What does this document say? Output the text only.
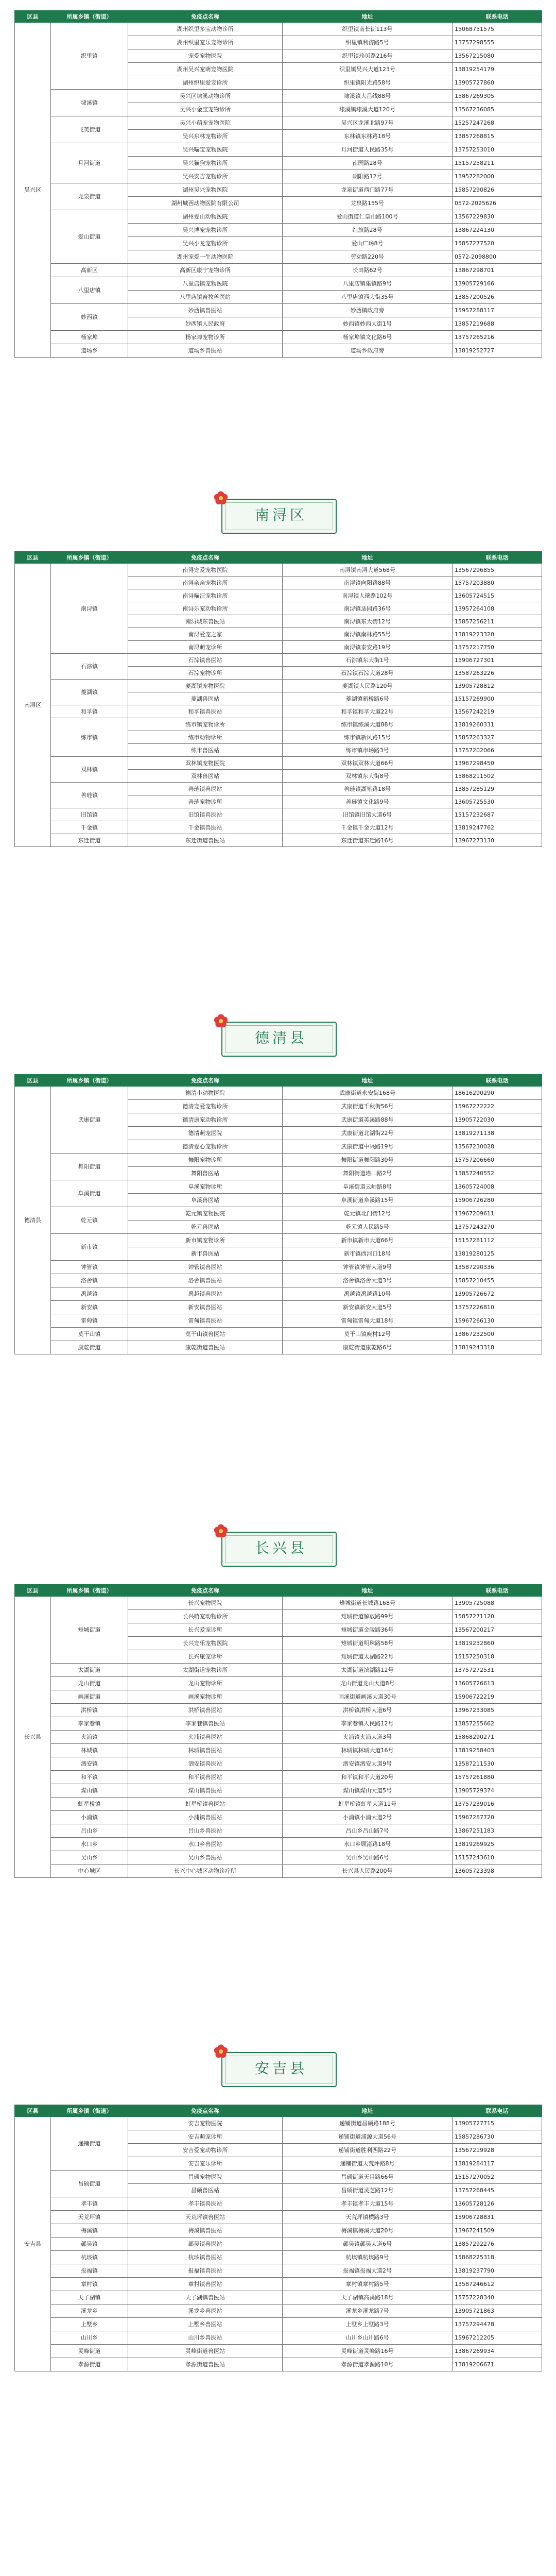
区县	所属乡镇（街道）	免疫点名称	地址	联系电话
吴兴区	织里镇	湖州织里多宝动物诊所	织里镇南长街113号	15068751575
		湖州织里宠乐宠物诊所	织里镇利济路5号	13757298555
		宠爱宠物医院	织里镇珍贝路216号	13567215080
		湖州吴兴宠萌宠物医院	织里镇吴兴大道123号	13819254179
		湖州织里爱宠诊所	织里镇阳光路58号	13905727860
	埭溪镇	吴兴区埭溪动物诊所	埭溪镇大吕线88号	15867269305
		吴兴小金宝宠物诊所	埭溪镇埭溪大道120号	13567236085
	飞英街道	吴兴小萌宠宠物医院	吴兴区龙溪北路97号	15257247268
		吴兴东林宠物诊所	东林镇东林路18号	13857268815
	月河街道	吴兴喵宝宠物医院	月河街道人民路35号	13757253010
		吴兴猫狗宠物诊所	南园路28号	15157258211
		吴兴安吉宠物诊所	朝阳路12号	13957282000
	龙泉街道	湖州吴兴宠物医院	龙泉街道西门路77号	15857290826
		湖州城西动物医院有限公司	龙泉路155号	0572-2025626
	爱山街道	湖州爱山动物医院	爱山街道仁皇山路100号	13567229830
		吴兴博宠宠物诊所	红旗路28号	13867224130
		吴兴小龙宠物诊所	爱山广场8号	15857277520
		湖州宠爱一生动物医院	劳动路220号	0572-2098800
	高新区	高新区康宁宠物诊所	长田路62号	13867298701
	八里店镇	八里店镇宠物医院	八里店镇集镇路9号	13905729166
		八里店镇畜牧兽医站	八里店镇西大街35号	13857200526
	妙西镇	妙西镇兽医站	妙西镇政府旁	15957288117
		妙西镇人民政府	妙西镇妙西大街1号	13857219688
	杨家埠	杨家埠宠物诊所	杨家埠镇文化路6号	13757265216
	道场乡	道场乡兽医站	道场乡政府旁	13819252727
区县	所属乡镇（街道）	免疫点名称	地址	联系电话
南浔区	南浔镇	南浔宠爱宠物医院	南浔镇南浔大道568号	13567296855
		南浔亲亲宠物诊所	南浔镇向阳路88号	15757203880
		南浔喵汪宠物诊所	南浔镇人瑞路102号	13605724515
		南浔乐宠动物诊所	南浔镇适园路36号	13957264108
		南浔城东兽医站	南浔镇东大街12号	15857256211
		南浔爱宠之家	南浔镇南林路55号	13819223320
		南浔萌宠诊所	南浔镇泰安路19号	13757217750
	石淙镇	石淙镇兽医站	石淙镇东大街1号	15906727301
		石淙宠物诊所	石淙镇石淙大道28号	13587263226
	菱湖镇	菱湖镇宠物医院	菱湖镇人民路120号	13905728812
		菱湖兽医站	菱湖镇新桥路6号	15157269900
	和孚镇	和孚镇兽医站	和孚镇和孚大道22号	13567242219
	练市镇	练市镇宠物诊所	练市镇练溪大道88号	13819260331
		练市动物诊所	练市镇新风路15号	15857263327
		练市兽医站	练市镇市场路3号	13757202066
	双林镇	双林镇宠物医院	双林镇双林大道66号	13967298450
		双林兽医站	双林镇东大街8号	15868211502
	善琏镇	善琏镇兽医站	善琏镇湖笔路18号	13857285129
		善琏宠物诊所	善琏镇文化路9号	13605725530
	旧馆镇	旧馆镇兽医站	旧馆镇旧馆大道6号	15157232687
	千金镇	千金镇兽医站	千金镇千金大道12号	13819247762
	东迁街道	东迁街道兽医站	东迁街道东迁路16号	13967273130
区县	所属乡镇（街道）	免疫点名称	地址	联系电话
德清县	武康街道	德清小动物医院	武康街道永安街168号	18616290290
		德清宠爱宠物诊所	武康街道千秋街56号	15967272222
		德清康宠动物诊所	武康街道英溪路88号	13905722030
		德清萌宠医院	武康街道北湖街22号	13819271138
		德清爱心宠物诊所	武康街道中兴路19号	13567230028
	舞阳街道	舞阳宠物诊所	舞阳街道舞阳路30号	15757206660
		舞阳兽医站	舞阳街道塔山路2号	13857240552
	阜溪街道	阜溪宠物诊所	阜溪街道云岫路8号	13605724008
		阜溪兽医站	阜溪街道阜溪路15号	15906726280
	乾元镇	乾元镇宠物医院	乾元镇北门街12号	13967209611
		乾元兽医站	乾元镇人民路5号	13757243270
	新市镇	新市镇宠物诊所	新市镇新市大道66号	15157281112
		新市兽医站	新市镇西河口18号	13819280125
	钟管镇	钟管镇兽医站	钟管镇钟管大道9号	13587290336
	洛舍镇	洛舍镇兽医站	洛舍镇洛舍大道3号	15857210455
	禹越镇	禹越镇兽医站	禹越镇禹越路10号	13905726672
	新安镇	新安镇兽医站	新安镇新安大道5号	13757226810
	雷甸镇	雷甸镇兽医站	雷甸镇雷甸大道18号	15967266130
	莫干山镇	莫干山镇兽医站	莫干山镇庾村12号	13867232500
	康乾街道	康乾街道兽医站	康乾街道康乾路6号	13819243318
区县	所属乡镇（街道）	免疫点名称	地址	联系电话
长兴县	雉城街道	长兴宠物医院	雉城街道长城路168号	13905725088
		长兴萌宠动物诊所	雉城街道解放路99号	15857271120
		长兴爱宠诊所	雉城街道金陵路36号	13567200217
		长兴宠乐宠物医院	雉城街道明珠路58号	13819232860
		长兴康宠诊所	雉城街道太湖路22号	15157250318
	太湖街道	太湖街道宠物诊所	太湖街道滨湖路12号	13757272531
	龙山街道	龙山宠物诊所	龙山街道龙山大道8号	13605726613
	画溪街道	画溪宠物诊所	画溪街道画溪大道30号	15906722219
	洪桥镇	洪桥镇兽医站	洪桥镇洪桥大道6号	13967233085
	李家巷镇	李家巷镇兽医站	李家巷镇人民路12号	13857255662
	夹浦镇	夹浦镇兽医站	夹浦镇夹浦大道3号	15868290271
	林城镇	林城镇兽医站	林城镇林城大道16号	13819258403
	泗安镇	泗安镇兽医站	泗安镇泗安大道9号	13587211530
	和平镇	和平镇兽医站	和平镇和平大道20号	15757261880
	煤山镇	煤山镇兽医站	煤山镇煤山大道5号	13905729374
	虹星桥镇	虹星桥镇兽医站	虹星桥镇虹星大道11号	13757239016
	小浦镇	小浦镇兽医站	小浦镇小浦大道2号	15967287720
	吕山乡	吕山乡兽医站	吕山乡吕山路7号	13867251183
	水口乡	水口乡兽医站	水口乡顾渚路18号	13819269925
	吴山乡	吴山乡兽医站	吴山乡吴山路6号	15157243610
	中心城区	长兴中心城区动物诊疗所	长兴县人民路200号	13605723398
区县	所属乡镇（街道）	免疫点名称	地址	联系电话
安吉县	递铺街道	安吉宠物医院	递铺街道昌硕路188号	13905727715
		安吉萌宠诊所	递铺街道浦源大道56号	15857286730
		安吉爱宠动物诊所	递铺街道胜利西路22号	13567219928
		安吉宠乐诊所	递铺街道天荒坪路8号	13819284117
	昌硕街道	昌硕宠物医院	昌硕街道天目路66号	15157270052
		昌硕兽医站	昌硕街道灵芝路12号	13757268445
	孝丰镇	孝丰镇兽医站	孝丰镇孝丰大道15号	13605728126
	天荒坪镇	天荒坪镇兽医站	天荒坪镇横路3号	15906728831
	梅溪镇	梅溪镇兽医站	梅溪镇梅溪大道20号	13967241509
	鄣吴镇	鄣吴镇兽医站	鄣吴镇鄣吴大道6号	13857292276
	杭垓镇	杭垓镇兽医站	杭垓镇杭垓路9号	15868225318
	报福镇	报福镇兽医站	报福镇报福大道2号	13819237790
	章村镇	章村镇兽医站	章村镇章村路5号	13587246612
	天子湖镇	天子湖镇兽医站	天子湖镇高禹路18号	15757228340
	溪龙乡	溪龙乡兽医站	溪龙乡溪龙路7号	13905721863
	上墅乡	上墅乡兽医站	上墅乡上墅路3号	13757294478
	山川乡	山川乡兽医站	山川乡山川路6号	15967212205
	灵峰街道	灵峰街道兽医站	灵峰街道灵峰路16号	13867269934
	孝源街道	孝源街道兽医站	孝源街道孝源路10号	13819206671

南浔区
德清县
长兴县
安吉县
